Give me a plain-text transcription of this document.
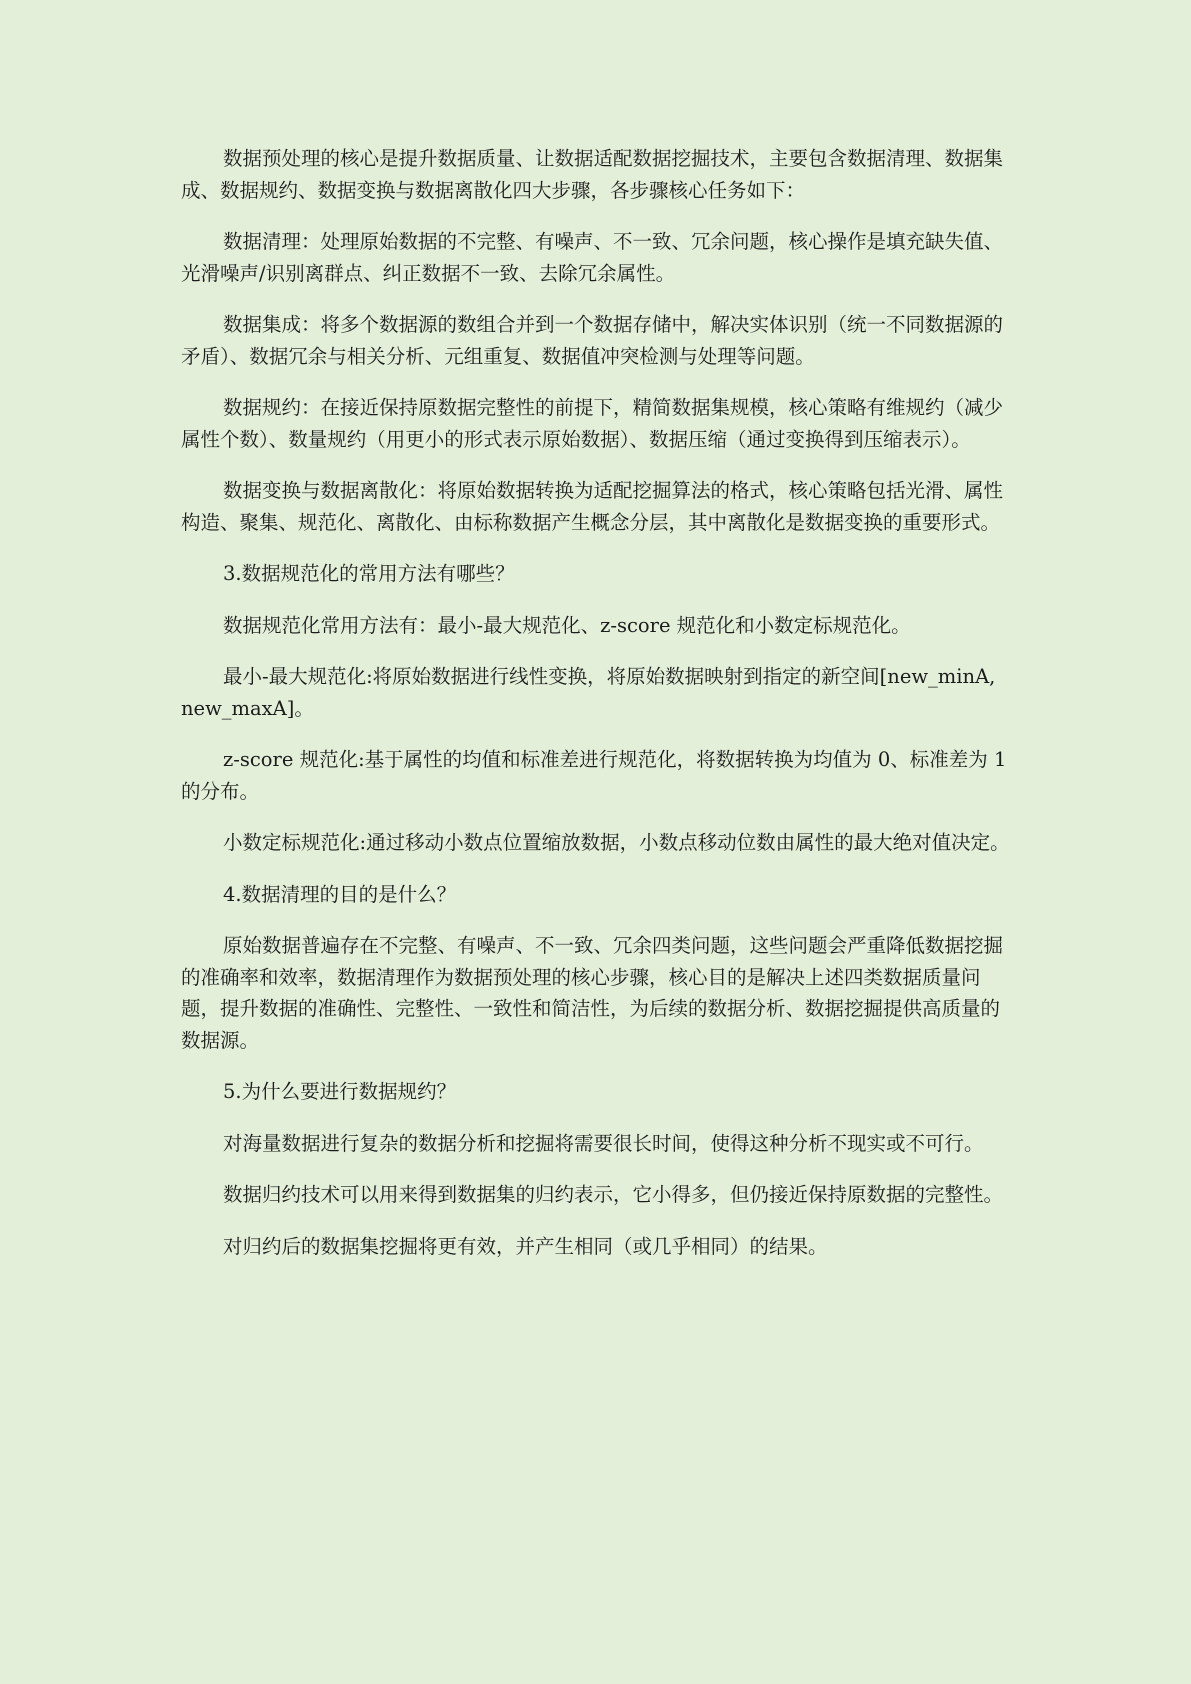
数据预处理的核心是提升数据质量、让数据适配数据挖掘技术，主要包含数据清理、数据集成、数据规约、数据变换与数据离散化四大步骤，各步骤核心任务如下：

数据清理：处理原始数据的不完整、有噪声、不一致、冗余问题，核心操作是填充缺失值、光滑噪声/识别离群点、纠正数据不一致、去除冗余属性。

数据集成：将多个数据源的数组合并到一个数据存储中，解决实体识别（统一不同数据源的矛盾）、数据冗余与相关分析、元组重复、数据值冲突检测与处理等问题。

数据规约：在接近保持原数据完整性的前提下，精简数据集规模，核心策略有维规约（减少属性个数）、数量规约（用更小的形式表示原始数据）、数据压缩（通过变换得到压缩表示）。

数据变换与数据离散化：将原始数据转换为适配挖掘算法的格式，核心策略包括光滑、属性构造、聚集、规范化、离散化、由标称数据产生概念分层，其中离散化是数据变换的重要形式。

3.数据规范化的常用方法有哪些？

数据规范化常用方法有：最小-最大规范化、z-score 规范化和小数定标规范化。

最小-最大规范化:将原始数据进行线性变换，将原始数据映射到指定的新空间[new_minA, new_maxA]。

z-score 规范化:基于属性的均值和标准差进行规范化，将数据转换为均值为 0、标准差为 1 的分布。

小数定标规范化:通过移动小数点位置缩放数据，小数点移动位数由属性的最大绝对值决定。

4.数据清理的目的是什么？

原始数据普遍存在不完整、有噪声、不一致、冗余四类问题，这些问题会严重降低数据挖掘的准确率和效率，数据清理作为数据预处理的核心步骤，核心目的是解决上述四类数据质量问题，提升数据的准确性、完整性、一致性和简洁性，为后续的数据分析、数据挖掘提供高质量的数据源。

5.为什么要进行数据规约？

对海量数据进行复杂的数据分析和挖掘将需要很长时间，使得这种分析不现实或不可行。

数据归约技术可以用来得到数据集的归约表示，它小得多，但仍接近保持原数据的完整性。

对归约后的数据集挖掘将更有效，并产生相同（或几乎相同）的结果。
